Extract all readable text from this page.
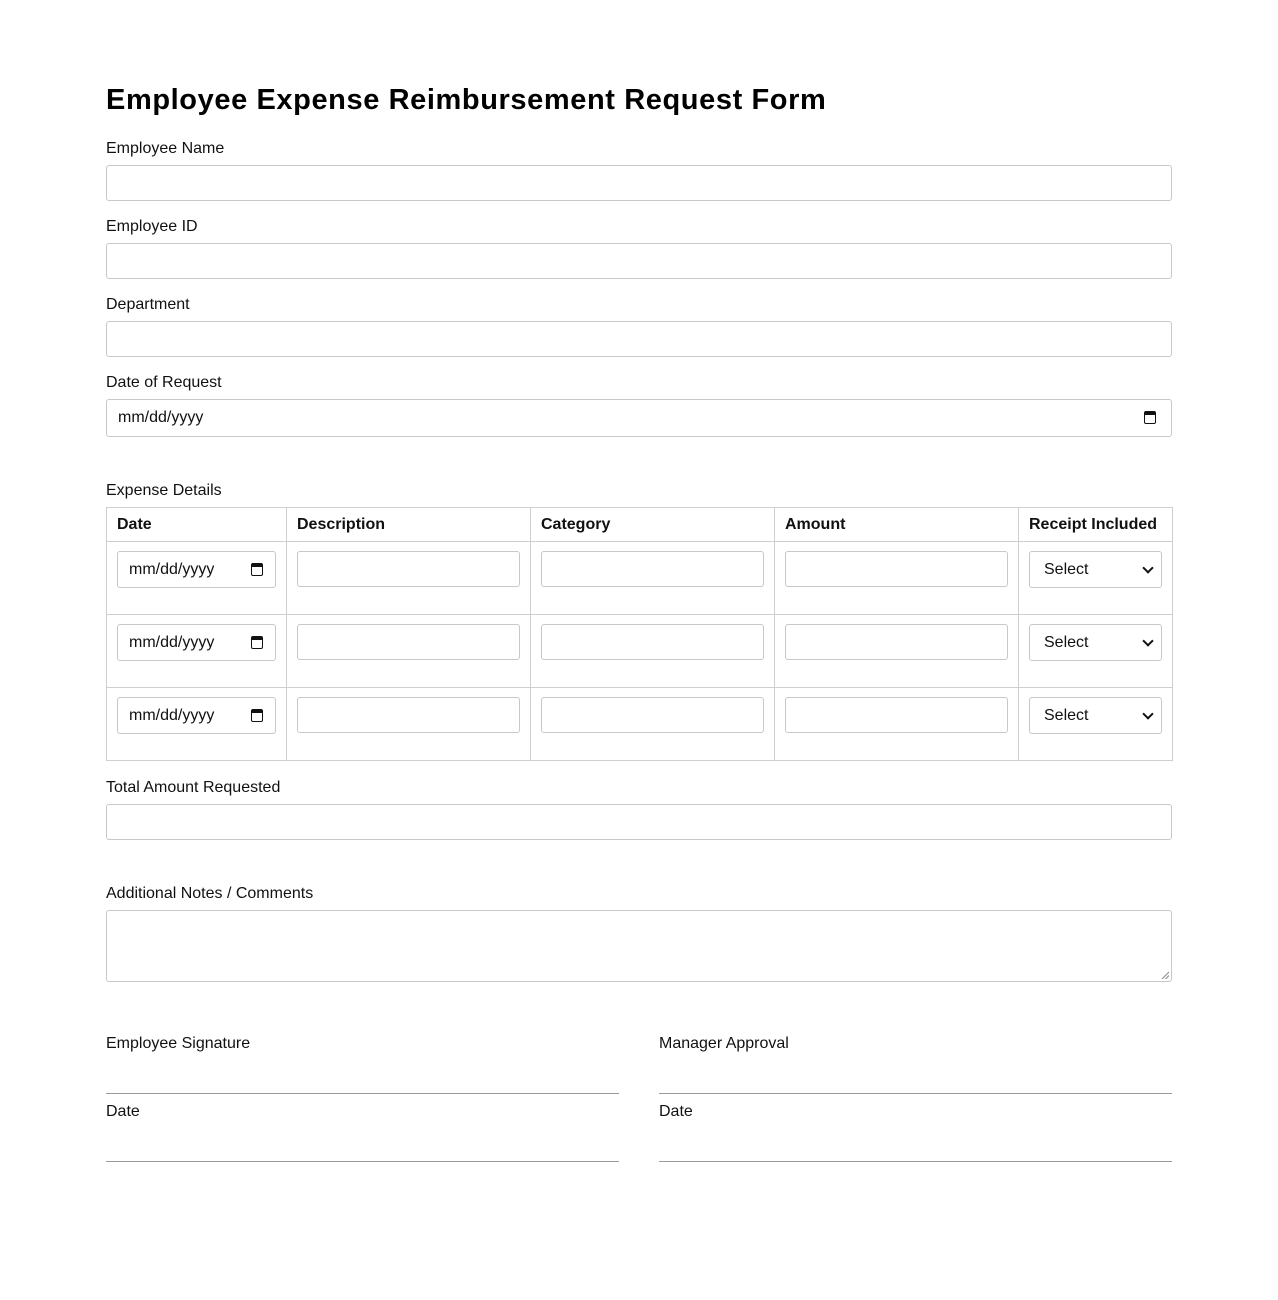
Employee Expense Reimbursement Request Form
Employee Name
Employee ID
Department
Date of Request
mm/dd/yyyy
Expense Details
Date	Description	Category	Amount	Receipt Included

mm/dd/yyyy				Select

mm/dd/yyyy				Select

mm/dd/yyyy				Select
Total Amount Requested
Additional Notes / Comments
Employee Signature	Manager Approval
Date	Date
